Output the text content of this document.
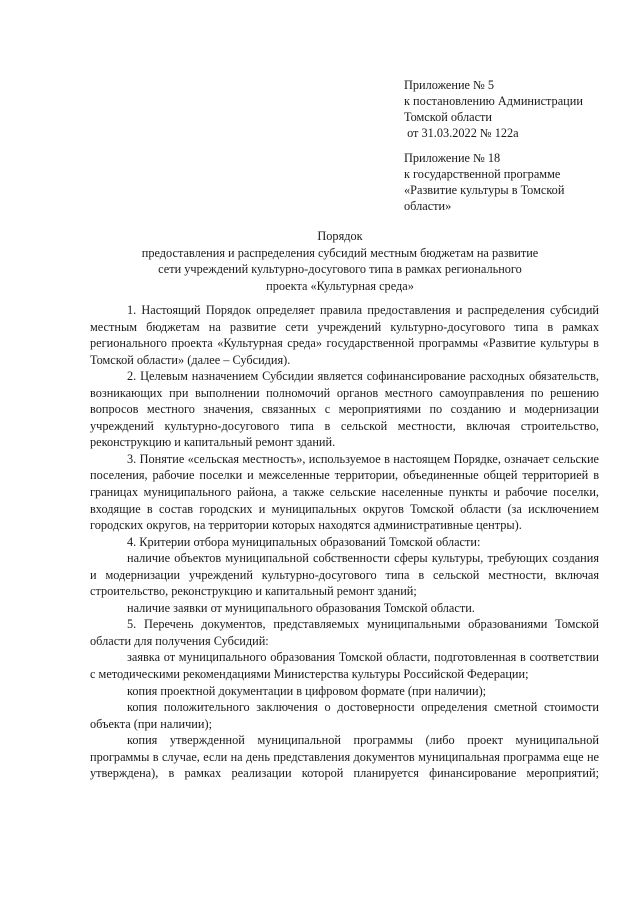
Приложение № 5
к постановлению Администрации
Томской области
от 31.03.2022 № 122а
Приложение № 18
к государственной программе
«Развитие культуры в Томской
области»
Порядок
предоставления и распределения субсидий местным бюджетам на развитие
сети учреждений культурно-досугового типа в рамках регионального
проекта «Культурная среда»

1. Настоящий Порядок определяет правила предоставления и распределения субсидий местным бюджетам на развитие сети учреждений культурно-досугового типа в рамках регионального проекта «Культурная среда» государственной программы «Развитие культуры в Томской области» (далее – Субсидия).

2. Целевым назначением Субсидии является софинансирование расходных обязательств, возникающих при выполнении полномочий органов местного самоуправления по решению вопросов местного значения, связанных с мероприятиями по созданию и модернизации учреждений культурно-досугового типа в сельской местности, включая строительство, реконструкцию и капитальный ремонт зданий.

3. Понятие «сельская местность», используемое в настоящем Порядке, означает сельские поселения, рабочие поселки и межселенные территории, объединенные общей территорией в границах муниципального района, а также сельские населенные пункты и рабочие поселки, входящие в состав городских и муниципальных округов Томской области (за исключением городских округов, на территории которых находятся административные центры).

4. Критерии отбора муниципальных образований Томской области:

наличие объектов муниципальной собственности сферы культуры, требующих создания и модернизации учреждений культурно-досугового типа в сельской местности, включая строительство, реконструкцию и капитальный ремонт зданий;

наличие заявки от муниципального образования Томской области.

5. Перечень документов, представляемых муниципальными образованиями Томской области для получения Субсидий:

заявка от муниципального образования Томской области, подготовленная в соответствии с методическими рекомендациями Министерства культуры Российской Федерации;

копия проектной документации в цифровом формате (при наличии);

копия положительного заключения о достоверности определения сметной стоимости объекта (при наличии);

копия утвержденной муниципальной программы (либо проект муниципальной программы в случае, если на день представления документов муниципальная программа еще не утверждена), в рамках реализации которой планируется финансирование мероприятий;
